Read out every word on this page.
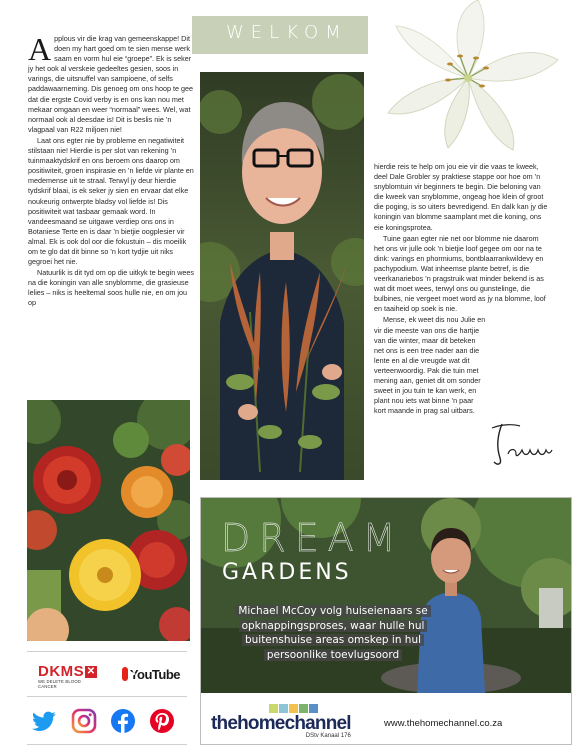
WELKOM

Applous vir die krag van gemeenskappe! Dit doen my hart goed om te sien mense werk saam en vorm hul eie “groepe”. Ek is seker jy het ook al verskeie gedeeltes gesien, soos in varings, die uitsnuffel van sampioene, of selfs paddawaarneming. Dis genoeg om ons hoop te gee dat die ergste Covid verby is en ons kan nou met mekaar omgaan en weer “normaal” wees. Wel, wat normaal ook al deesdae is! Dit is beslis nie ’n vlagpaal van R22 miljoen nie!

Laat ons egter nie by probleme en negatiwiteit stilstaan nie! Hierdie is per slot van rekening ’n tuinmaaktydskrif en ons beroem ons daarop om positiwiteit, groen inspirasie en ’n liefde vir plante en medemense uit te straal. Terwyl jy deur hierdie tydskrif blaai, is ek seker jy sien en ervaar dat elke noukeurig ontwerpte bladsy vol liefde is! Dis positiwiteit wat tasbaar gemaak word. In vandeesmaand se uitgawe verdiep ons ons in Botaniese Terte en is daar ’n bietjie oogplesier vir almal. Ek is ook dol oor die fokustuin – dis moeilik om te glo dat dit binne so ’n kort tydjie uit niks gegroei het nie.

Natuurlik is dit tyd om op die uitkyk te begin wees na die koningin van alle snyblomme, die grasieuse lelies – niks is heeltemal soos hulle nie, en om jou op

hierdie reis te help om jou eie vir die vaas te kweek, deel Dale Grobler sy praktiese stappe oor hoe om ’n snyblomtuin vir beginners te begin. Die beloning van die kweek van snyblomme, ongeag hoe klein of groot die poging, is so uiters bevredigend. En dalk kan jy die koningin van blomme saamplant met die koning, ons eie koningsprotea.

Tuine gaan egter nie net oor blomme nie daarom het ons vir julle ook ’n bietjie loof gegee om oor na te dink: varings en phormiums, bontblaarrankwildevy en pachypodium. Wat inheemse plante betref, is die veerkanariebos ’n pragstruik wat minder bekend is as wat dit moet wees, terwyl ons ou gunstelinge, die bulbines, nie vergeet moet word as jy na blomme, loof en taaiheid op soek is nie.

Mense, ek weet dis nou Julie en vir die meeste van ons die hartjie van die winter, maar dit beteken net ons is een tree nader aan die lente en al die vreugde wat dit verteenwoordig. Pak die tuin met mening aan, geniet dit om sonder sweet in jou tuin te kan werk, en plant nou iets wat binne ’n paar kort maande in prag sal uitbars.

DKMS ✕
WE DELETE BLOOD CANCER
YouTube
DREAM
GARDENS
Michael McCoy volg huiseienaars se opknappingsproses, waar hulle hul buitenshuise areas omskep in hul persoonlike toevlugsoord
thehomechannel
DStv Kanaal 176
www.thehomechannel.co.za
